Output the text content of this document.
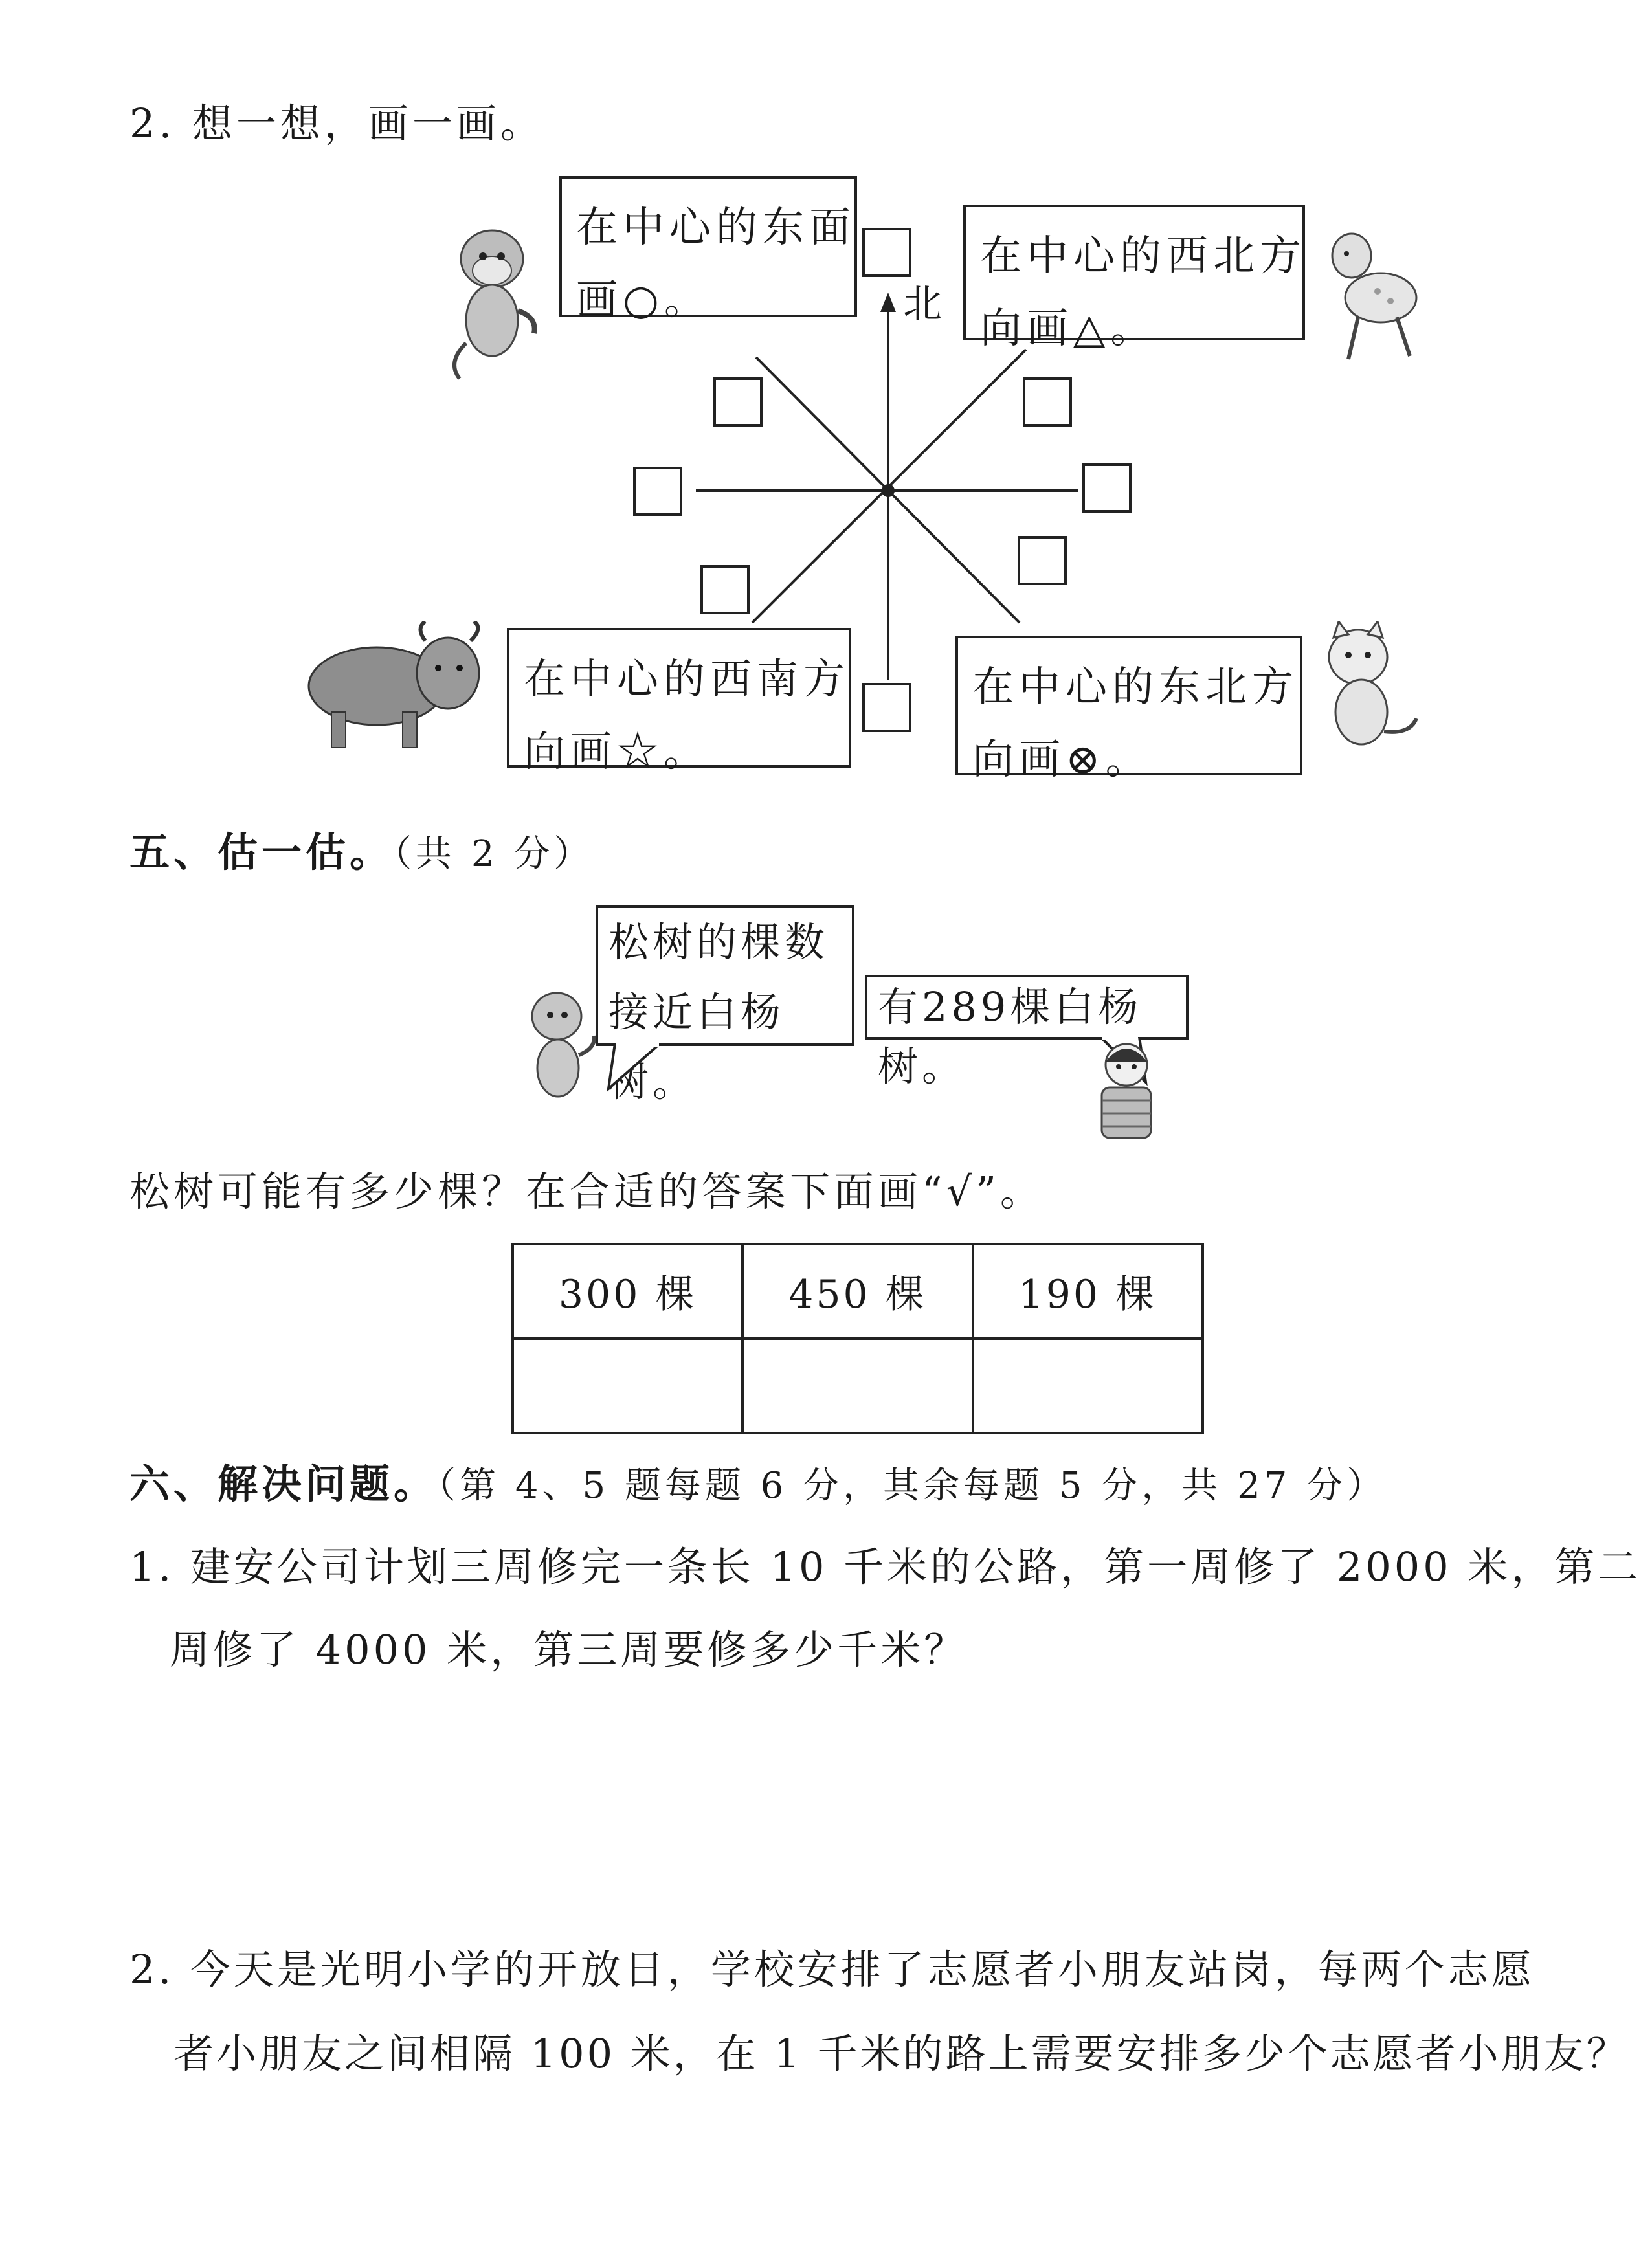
2. 想一想，画一画。
北
在中心的东面
画○。
在中心的西北方
向画△。
在中心的西南方
向画☆。
在中心的东北方
向画⊗。
五、估一估。（共 2 分）
松树的棵数
接近白杨树。
有289棵白杨树。
松树可能有多少棵？在合适的答案下面画“√”。
300 棵	450 棵	190 棵

六、解决问题。（第 4、5 题每题 6 分，其余每题 5 分，共 27 分）
1. 建安公司计划三周修完一条长 10 千米的公路，第一周修了 2000 米，第二
周修了 4000 米，第三周要修多少千米？
2. 今天是光明小学的开放日，学校安排了志愿者小朋友站岗，每两个志愿
者小朋友之间相隔 100 米，在 1 千米的路上需要安排多少个志愿者小朋友？
